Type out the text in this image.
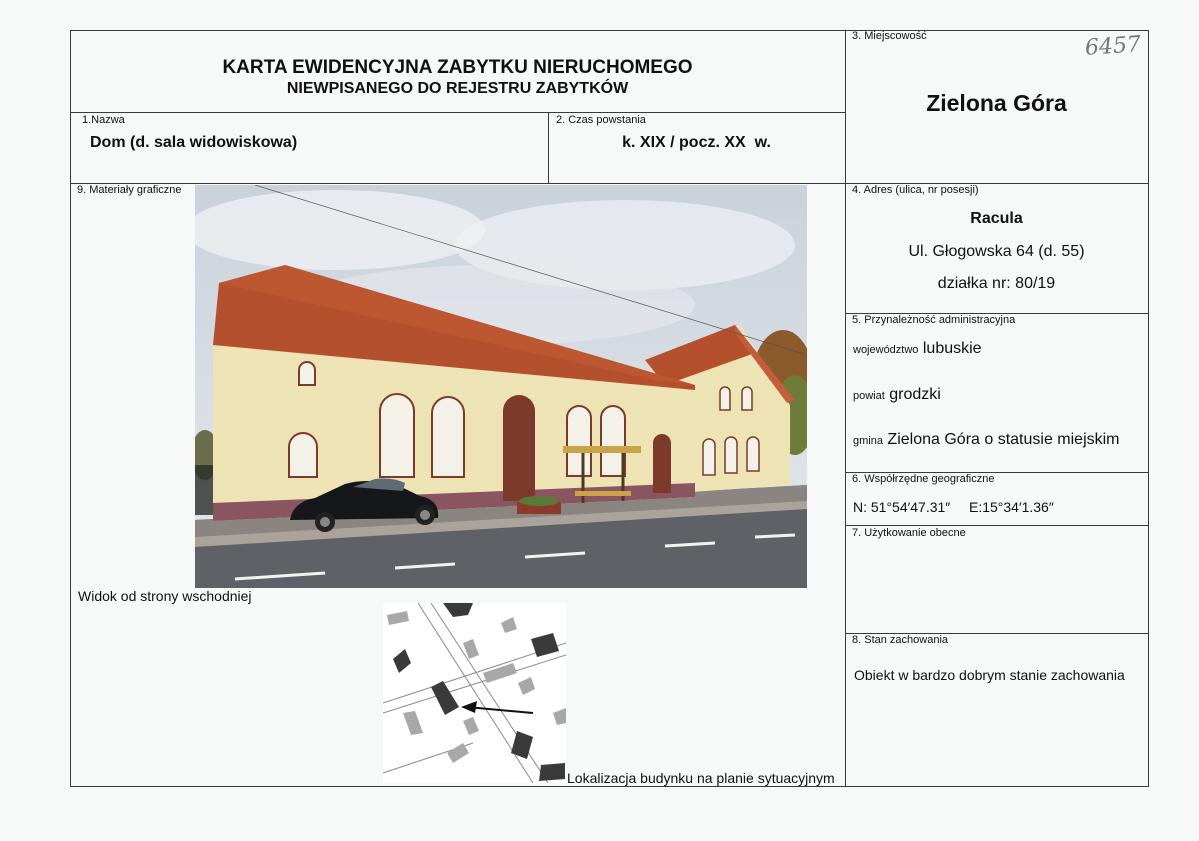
KARTA EWIDENCYJNA ZABYTKU NIERUCHOMEGO
NIEWPISANEGO DO REJESTRU ZABYTKÓW
1.Nazwa
Dom (d. sala widowiskowa)
2. Czas powstania
k. XIX / pocz. XX  w.
3. Miejscowość	6457
Zielona Góra
4. Adres (ulica, nr posesji)
Racula
Ul. Głogowska 64 (d. 55)
działka nr: 80/19
5. Przynależność administracyjna
województwo lubuskie
powiat grodzki
gmina Zielona Góra o statusie miejskim
6. Współrzędne geograficzne
N: 51°54′47.31″ E:15°34′1.36″
7. Użytkowanie obecne
8. Stan zachowania
Obiekt w bardzo dobrym stanie zachowania
9. Materiały graficzne
Widok od strony wschodniej
Lokalizacja budynku na planie sytuacyjnym
